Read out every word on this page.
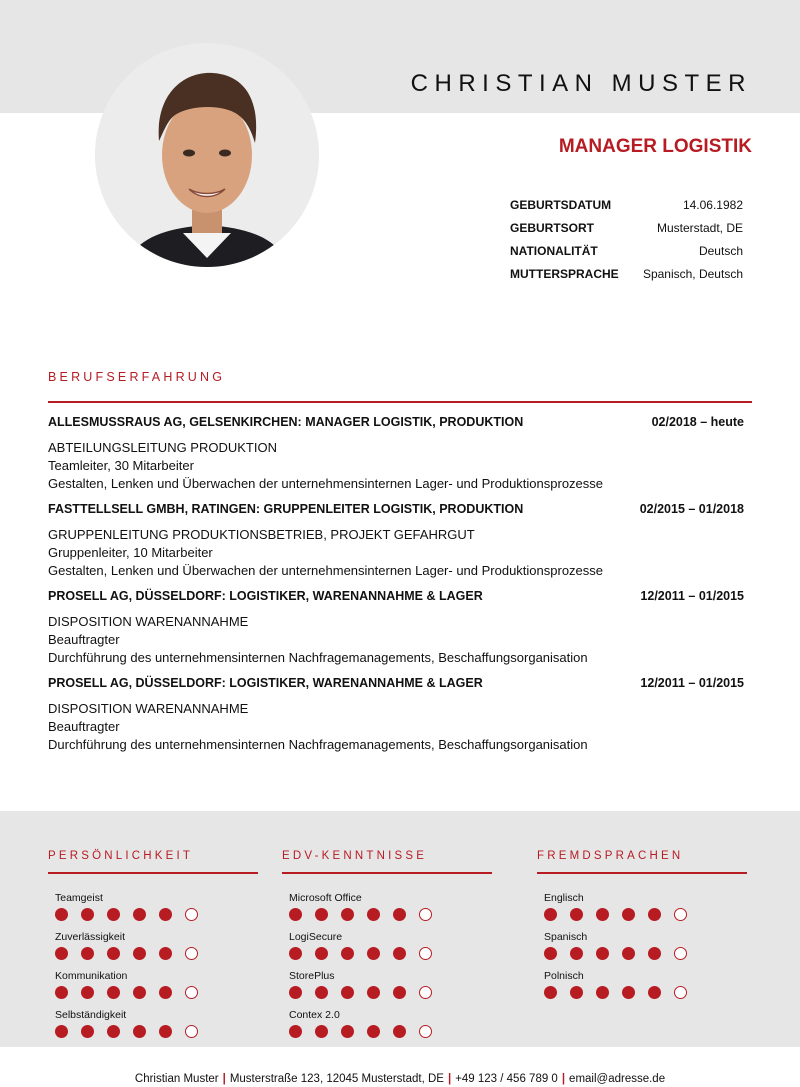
CHRISTIAN MUSTER
MANAGER LOGISTIK
GEBURTSDATUM	14.06.1982
GEBURTSORT	Musterstadt, DE
NATIONALITÄT	Deutsch
MUTTERSPRACHE Spanisch, Deutsch
BERUFSERFAHRUNG
ALLESMUSSRAUS AG, GELSENKIRCHEN: MANAGER LOGISTIK, PRODUKTION	02/2018 – heute
ABTEILUNGSLEITUNG PRODUKTION
Teamleiter, 30 Mitarbeiter
Gestalten, Lenken und Überwachen der unternehmensinternen Lager- und Produktionsprozesse
FASTTELLSELL GMBH, RATINGEN: GRUPPENLEITER LOGISTIK, PRODUKTION	02/2015 – 01/2018
GRUPPENLEITUNG PRODUKTIONSBETRIEB, PROJEKT GEFAHRGUT
Gruppenleiter, 10 Mitarbeiter
Gestalten, Lenken und Überwachen der unternehmensinternen Lager- und Produktionsprozesse
PROSELL AG, DÜSSELDORF: LOGISTIKER, WARENANNAHME & LAGER	12/2011 – 01/2015
DISPOSITION WARENANNAHME
Beauftragter
Durchführung des unternehmensinternen Nachfragemanagements, Beschaffungsorganisation
PROSELL AG, DÜSSELDORF: LOGISTIKER, WARENANNAHME & LAGER	12/2011 – 01/2015
DISPOSITION WARENANNAHME
Beauftragter
Durchführung des unternehmensinternen Nachfragemanagements, Beschaffungsorganisation
PERSÖNLICHKEIT
Teamgeist
Zuverlässigkeit
Kommunikation
Selbständigkeit
EDV-KENNTNISSE
Microsoft Office
LogiSecure
StorePlus
Contex 2.0
FREMDSPRACHEN
Englisch
Spanisch
Polnisch
Christian Muster | Musterstraße 123, 12045 Musterstadt, DE | +49 123 / 456 789 0 | email@adresse.de
